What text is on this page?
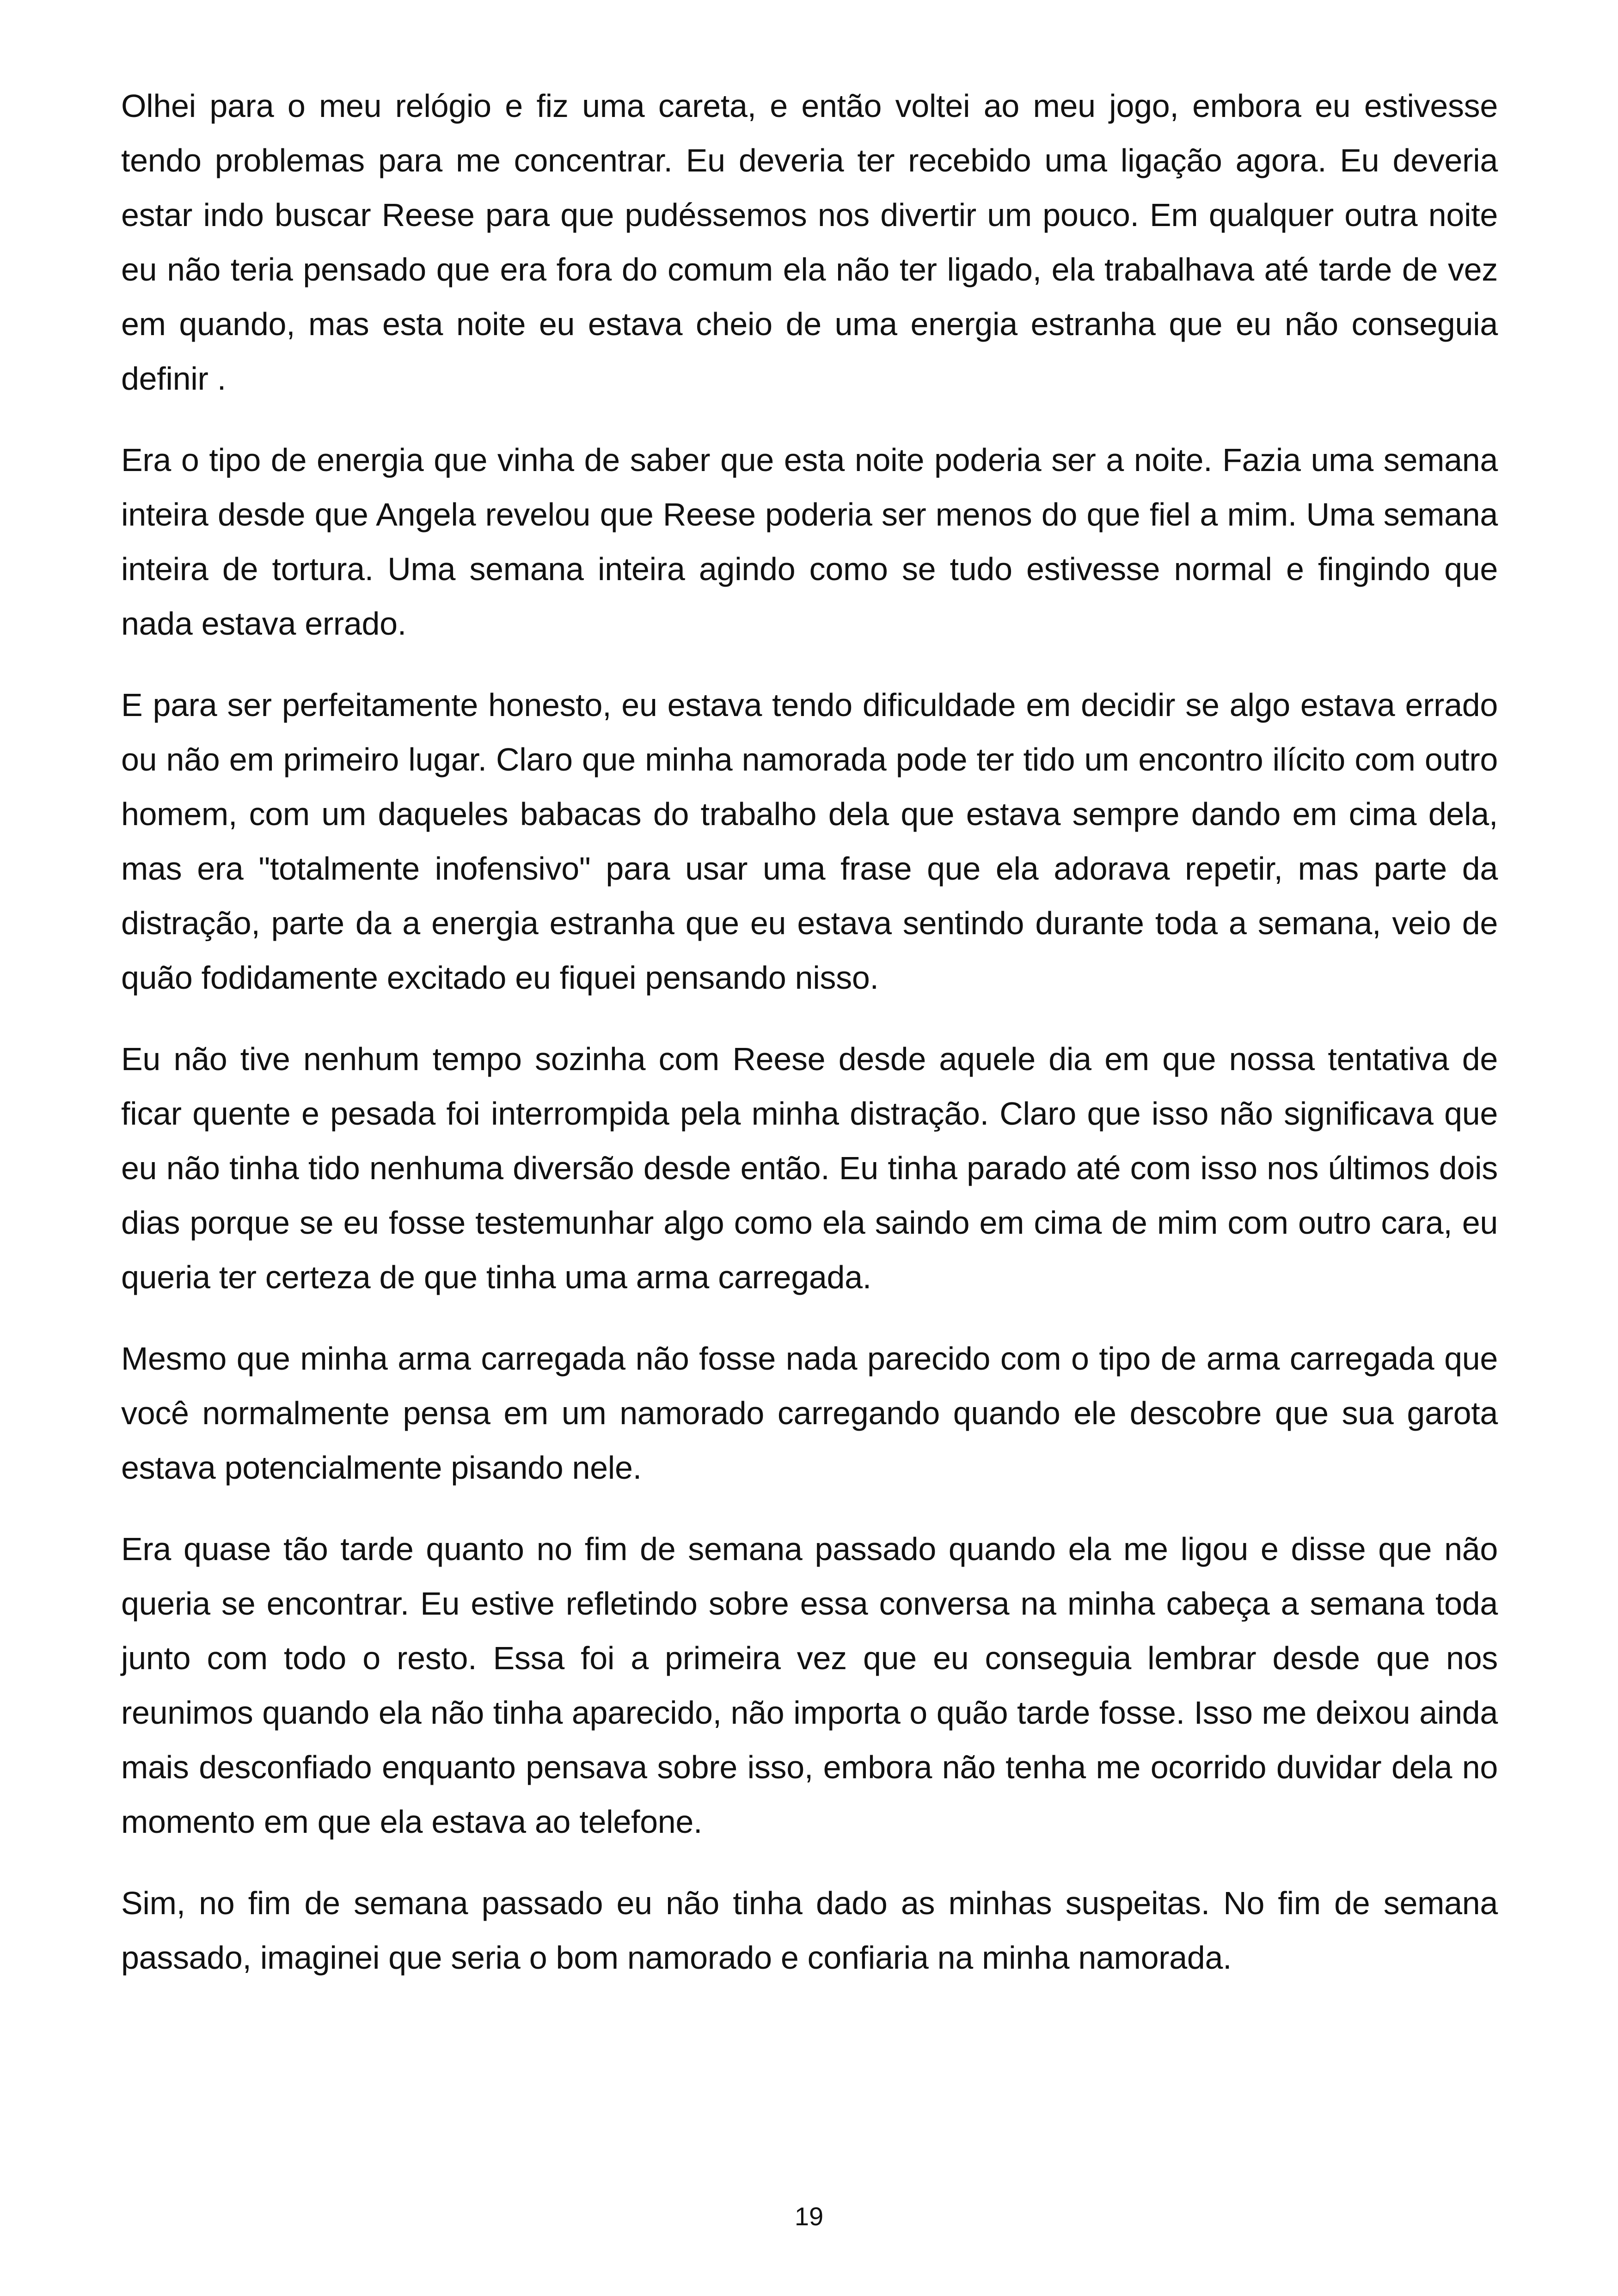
Olhei para o meu relógio e fiz uma careta, e então voltei ao meu jogo, embora eu estivesse tendo problemas para me concentrar. Eu deveria ter recebido uma ligação agora. Eu deveria estar indo buscar Reese para que pudéssemos nos divertir um pouco. Em qualquer outra noite eu não teria pensado que era fora do comum ela não ter ligado, ela trabalhava até tarde de vez em quando, mas esta noite eu estava cheio de uma energia estranha que eu não conseguia definir .

Era o tipo de energia que vinha de saber que esta noite poderia ser a noite. Fazia uma semana inteira desde que Angela revelou que Reese poderia ser menos do que fiel a mim. Uma semana inteira de tortura. Uma semana inteira agindo como se tudo estivesse normal e fingindo que nada estava errado.

E para ser perfeitamente honesto, eu estava tendo dificuldade em decidir se algo estava errado ou não em primeiro lugar. Claro que minha namorada pode ter tido um encontro ilícito com outro homem, com um daqueles babacas do trabalho dela que estava sempre dando em cima dela, mas era "totalmente inofensivo" para usar uma frase que ela adorava repetir, mas parte da distração, parte da a energia estranha que eu estava sentindo durante toda a semana, veio de quão fodidamente excitado eu fiquei pensando nisso.

Eu não tive nenhum tempo sozinha com Reese desde aquele dia em que nossa tentativa de ficar quente e pesada foi interrompida pela minha distração. Claro que isso não significava que eu não tinha tido nenhuma diversão desde então. Eu tinha parado até com isso nos últimos dois dias porque se eu fosse testemunhar algo como ela saindo em cima de mim com outro cara, eu queria ter certeza de que tinha uma arma carregada.

Mesmo que minha arma carregada não fosse nada parecido com o tipo de arma carregada que você normalmente pensa em um namorado carregando quando ele descobre que sua garota estava potencialmente pisando nele.

Era quase tão tarde quanto no fim de semana passado quando ela me ligou e disse que não queria se encontrar. Eu estive refletindo sobre essa conversa na minha cabeça a semana toda junto com todo o resto. Essa foi a primeira vez que eu conseguia lembrar desde que nos reunimos quando ela não tinha aparecido, não importa o quão tarde fosse. Isso me deixou ainda mais desconfiado enquanto pensava sobre isso, embora não tenha me ocorrido duvidar dela no momento em que ela estava ao telefone.

Sim, no fim de semana passado eu não tinha dado as minhas suspeitas. No fim de semana passado, imaginei que seria o bom namorado e confiaria na minha namorada.

19
